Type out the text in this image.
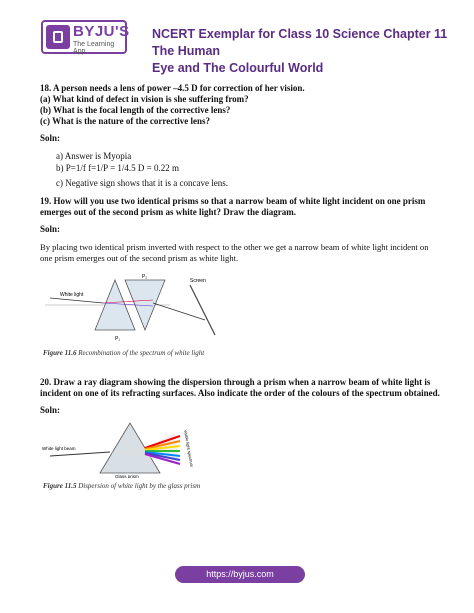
BYJU'S
The Learning App
NCERT Exemplar for Class 10 Science Chapter 11 The Human
Eye and The Colourful World
18. A person needs a lens of power –4.5 D for correction of her vision.
(a) What kind of defect in vision is she suffering from?
(b) What is the focal length of the corrective lens?
(c) What is the nature of the corrective lens?
Soln:
a) Answer is Myopia
b) P=1/f f=1/P = 1/4.5 D = 0.22 m
c) Negative sign shows that it is a concave lens.
19. How will you use two identical prisms so that a narrow beam of white light incident on one prism
emerges out of the second prism as white light? Draw the diagram.
Soln:
By placing two identical prism inverted with respect to the other we get a narrow beam of white light incident on
one prism emerges out of the second prism as white light.
White light
Screen
P₁
P₂
Figure 11.6 Recombination of the spectrum of white light
20. Draw a ray diagram showing the dispersion through a prism when a narrow beam of white light is
incident on one of its refracting surfaces. Also indicate the order of the colours of the spectrum obtained.
Soln:
White light beam
Glass prism
Visible light spectrum
Figure 11.5 Dispersion of white light by the glass prism
https://byjus.com
